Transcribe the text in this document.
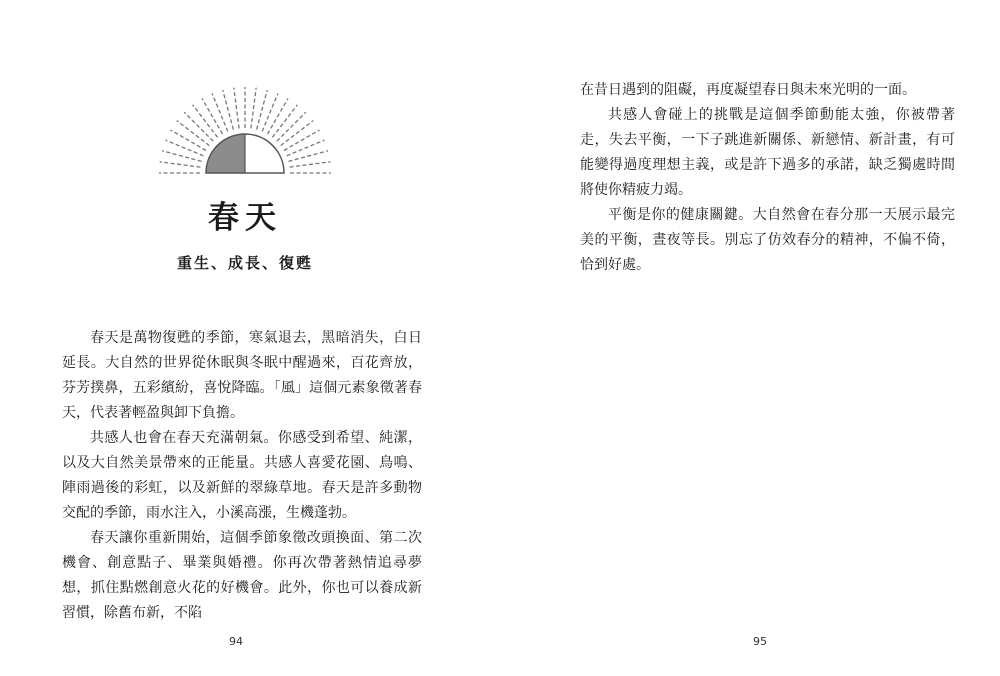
春天
重生、成長、復甦

春天是萬物復甦的季節，寒氣退去，黑暗消失，白日延長。大自然的世界從休眠與冬眠中醒過來，百花齊放，芬芳撲鼻，五彩繽紛，喜悅降臨。「風」這個元素象徵著春天，代表著輕盈與卸下負擔。

共感人也會在春天充滿朝氣。你感受到希望、純潔，以及大自然美景帶來的正能量。共感人喜愛花園、鳥鳴、陣雨過後的彩虹，以及新鮮的翠綠草地。春天是許多動物交配的季節，雨水注入，小溪高漲，生機蓬勃。

春天讓你重新開始，這個季節象徵改頭換面、第二次機會、創意點子、畢業與婚禮。你再次帶著熱情追尋夢想，抓住點燃創意火花的好機會。此外，你也可以養成新習慣，除舊布新，不陷

94

在昔日遇到的阻礙，再度凝望春日與未來光明的一面。

共感人會碰上的挑戰是這個季節動能太強，你被帶著走，失去平衡，一下子跳進新關係、新戀情、新計畫，有可能變得過度理想主義，或是許下過多的承諾，缺乏獨處時間將使你精疲力竭。

平衡是你的健康關鍵。大自然會在春分那一天展示最完美的平衡，晝夜等長。別忘了仿效春分的精神，不偏不倚，恰到好處。

95
